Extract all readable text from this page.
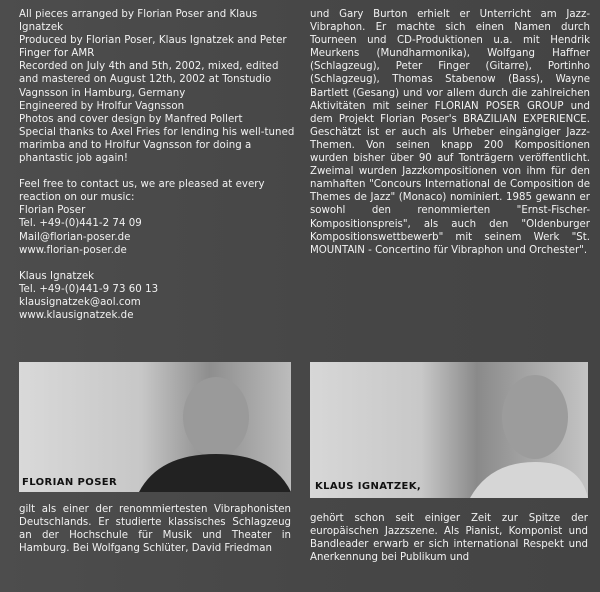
All pieces arranged by Florian Poser and Klaus Ignatzek

Produced by Florian Poser, Klaus Ignatzek and Peter Finger for AMR

Recorded on July 4th and 5th, 2002, mixed, edited and mastered on August 12th, 2002 at Tonstudio Vagnsson in Hamburg, Germany

Engineered by Hrolfur Vagnsson

Photos and cover design by Manfred Pollert

Special thanks to Axel Fries for lending his well-tuned marimba and to Hrolfur Vagnsson for doing a phantastic job again!

Feel free to contact us, we are pleased at every reaction on our music:

Florian Poser

Tel. +49-(0)441-2 74 09

Mail@florian-poser.de

www.florian-poser.de

Klaus Ignatzek

Tel. +49-(0)441-9 73 60 13

klausignatzek@aol.com

www.klausignatzek.de

und Gary Burton erhielt er Unterricht am Jazz-Vibraphon. Er machte sich einen Namen durch Tourneen und CD-Produktionen u.a. mit Hendrik Meurkens (Mundharmonika), Wolfgang Haffner (Schlagzeug), Peter Finger (Gitarre), Portinho (Schlagzeug), Thomas Stabenow (Bass), Wayne Bartlett (Gesang) und vor allem durch die zahlreichen Aktivitäten mit seiner FLORIAN POSER GROUP und dem Projekt Florian Poser's BRAZILIAN EXPERIENCE. Geschätzt ist er auch als Urheber eingängiger Jazz-Themen. Von seinen knapp 200 Kompositionen wurden bisher über 90 auf Tonträgern veröffentlicht. Zweimal wurden Jazzkompositionen von ihm für den namhaften "Concours International de Composition de Themes de Jazz" (Monaco) nominiert. 1985 gewann er sowohl den renommierten "Ernst-Fischer-Kompositionspreis", als auch den "Oldenburger Kompositionswettbewerb" mit seinem Werk "St. MOUNTAIN - Concertino für Vibraphon und Orchester".
FLORIAN POSER	KLAUS IGNATZEK,
gilt als einer der renommiertesten Vibraphonisten Deutschlands. Er studierte klassisches Schlagzeug an der Hochschule für Musik und Theater in Hamburg. Bei Wolfgang Schlüter, David Friedman
gehört schon seit einiger Zeit zur Spitze der europäischen Jazzszene. Als Pianist, Komponist und Bandleader erwarb er sich international Respekt und Anerkennung bei Publikum und
